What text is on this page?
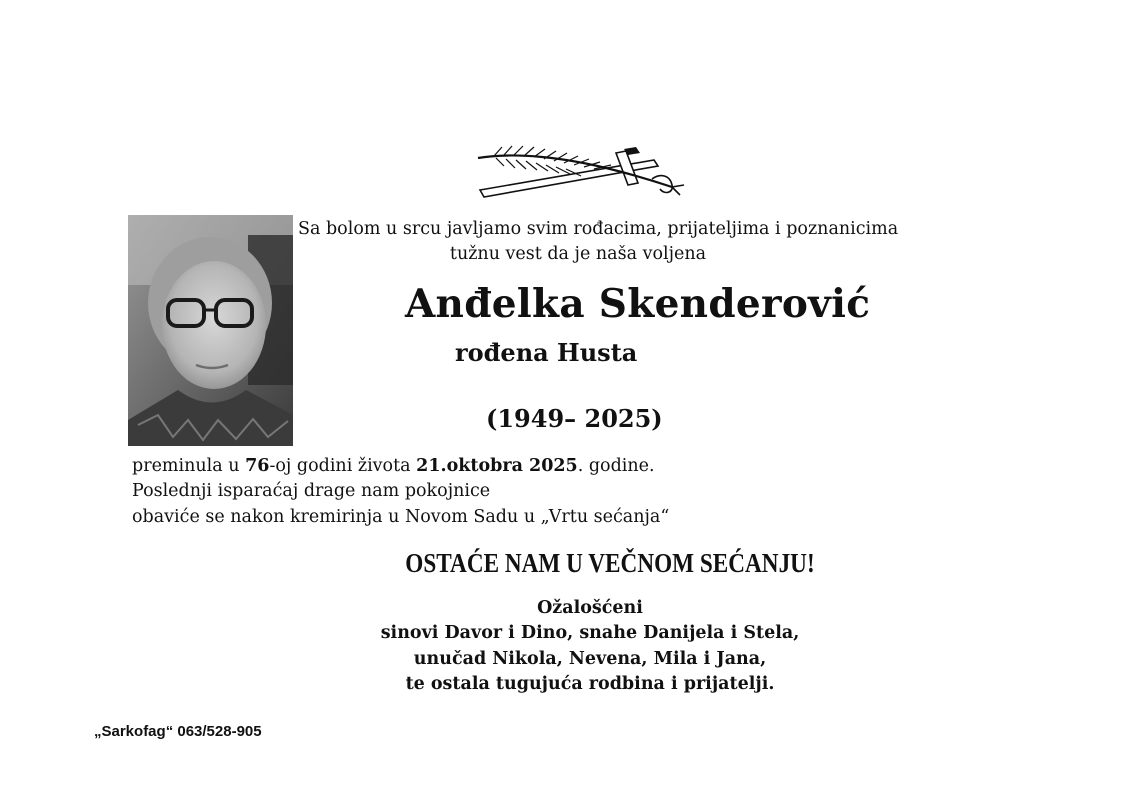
Sa bolom u srcu javljamo svim rođacima, prijateljima i poznanicima
tužnu vest da je naša voljena
Anđelka Skenderović
rođena Husta
(1949– 2025)
preminula u 76-oj godini života 21.oktobra 2025. godine.
Poslednji isparaćaj drage nam pokojnice
obaviće se nakon kremirinja u Novom Sadu u „Vrtu sećanja“
OSTAĆE NAM U VEČNOM SEĆANJU!
Ožalošćeni
sinovi Davor i Dino, snahe Danijela i Stela,
unučad Nikola, Nevena, Mila i Jana,
te ostala tugujuća rodbina i prijatelji.
„Sarkofag“ 063/528-905
